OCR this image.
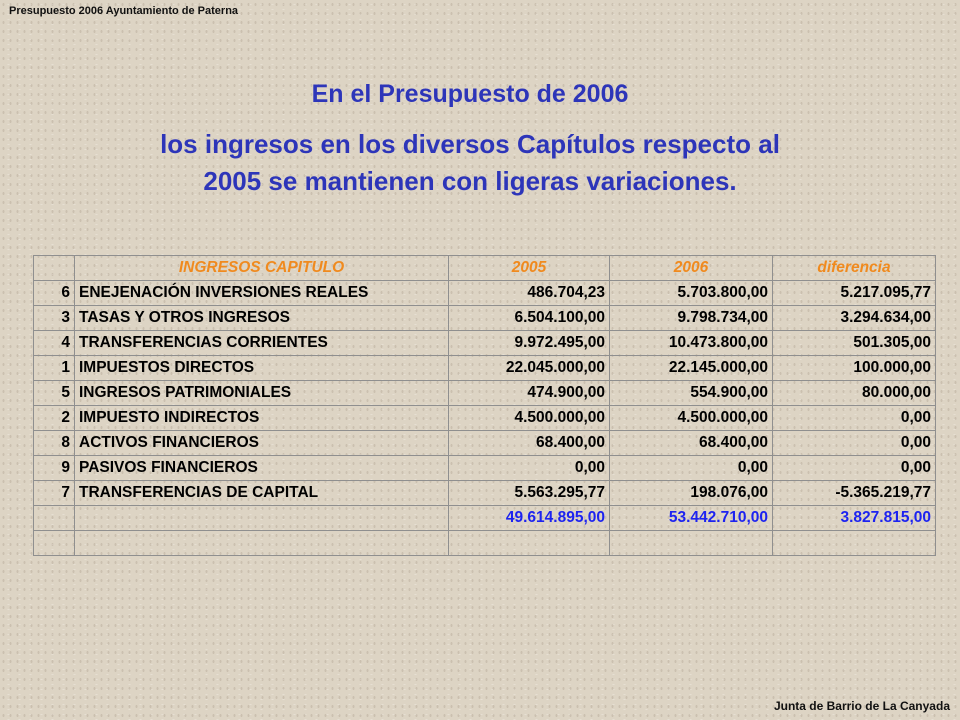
Presupuesto 2006 Ayuntamiento de Paterna
En el Presupuesto de 2006
los ingresos en los diversos Capítulos respecto al
2005 se mantienen con ligeras variaciones.
	INGRESOS CAPITULO	2005	2006	diferencia
6	ENEJENACIÓN INVERSIONES REALES	486.704,23	5.703.800,00	5.217.095,77
3	TASAS Y OTROS INGRESOS	6.504.100,00	9.798.734,00	3.294.634,00
4	TRANSFERENCIAS CORRIENTES	9.972.495,00	10.473.800,00	501.305,00
1	IMPUESTOS DIRECTOS	22.045.000,00	22.145.000,00	100.000,00
5	INGRESOS PATRIMONIALES	474.900,00	554.900,00	80.000,00
2	IMPUESTO INDIRECTOS	4.500.000,00	4.500.000,00	0,00
8	ACTIVOS FINANCIEROS	68.400,00	68.400,00	0,00
9	PASIVOS FINANCIEROS	0,00	0,00	0,00
7	TRANSFERENCIAS DE CAPITAL	5.563.295,77	198.076,00	-5.365.219,77
		49.614.895,00	53.442.710,00	3.827.815,00

Junta de Barrio de La Canyada
